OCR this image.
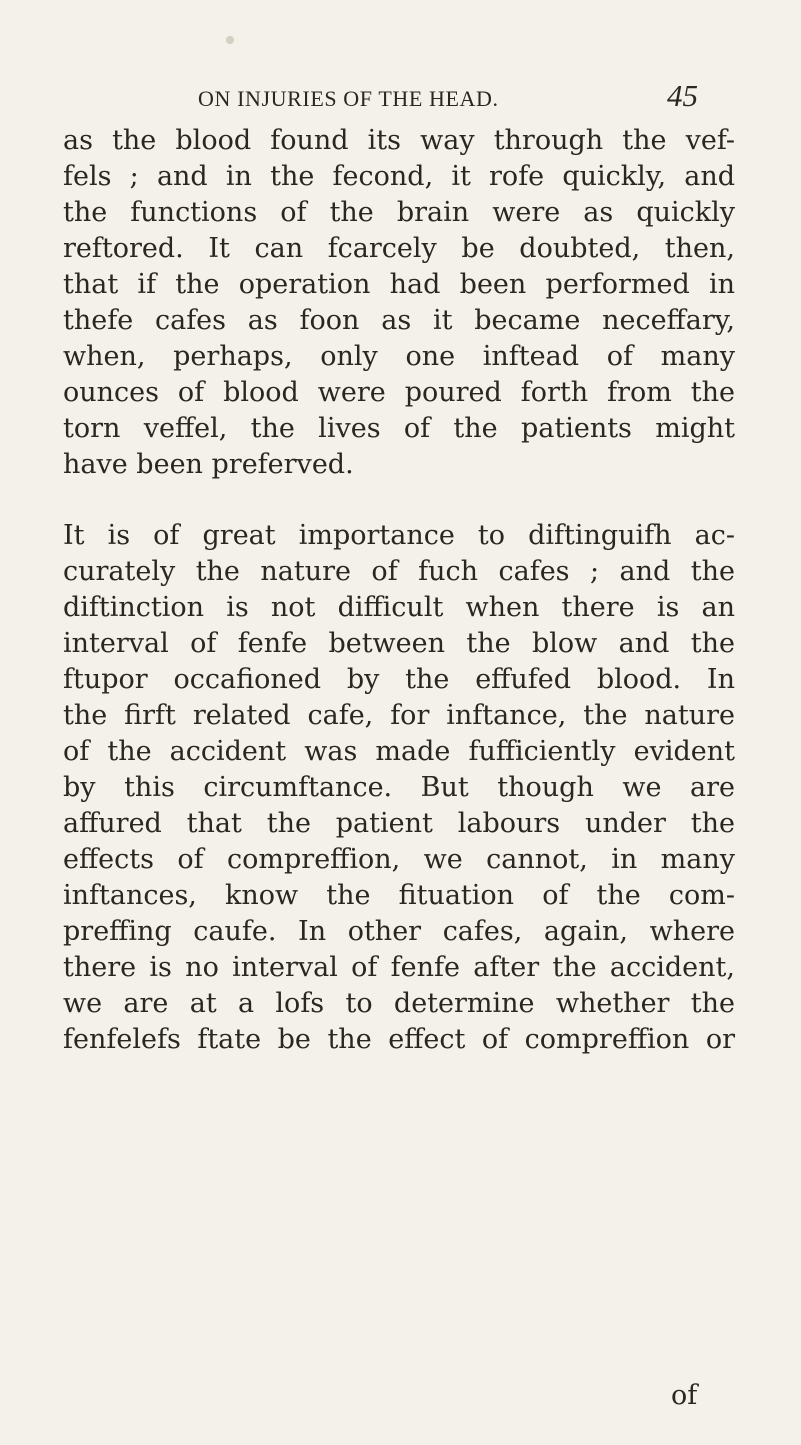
ON INJURIES OF THE HEAD.	45
as the blood found its way through the vef-
fels ; and in the fecond, it rofe quickly, and
the functions of the brain were as quickly
reftored. It can fcarcely be doubted, then,
that if the operation had been performed in
thefe cafes as foon as it became neceffary,
when, perhaps, only one inftead of many
ounces of blood were poured forth from the
torn veffel, the lives of the patients might
have been preferved.
It is of great importance to diftinguifh ac-
curately the nature of fuch cafes ; and the
diftinction is not difficult when there is an
interval of fenfe between the blow and the
ftupor occafioned by the effufed blood. In
the firft related cafe, for inftance, the nature
of the accident was made fufficiently evident
by this circumftance. But though we are
affured that the patient labours under the
effects of compreffion, we cannot, in many
inftances, know the fituation of the com-
preffing caufe. In other cafes, again, where
there is no interval of fenfe after the accident,
we are at a lofs to determine whether the
fenfelefs ftate be the effect of compreffion or
of
